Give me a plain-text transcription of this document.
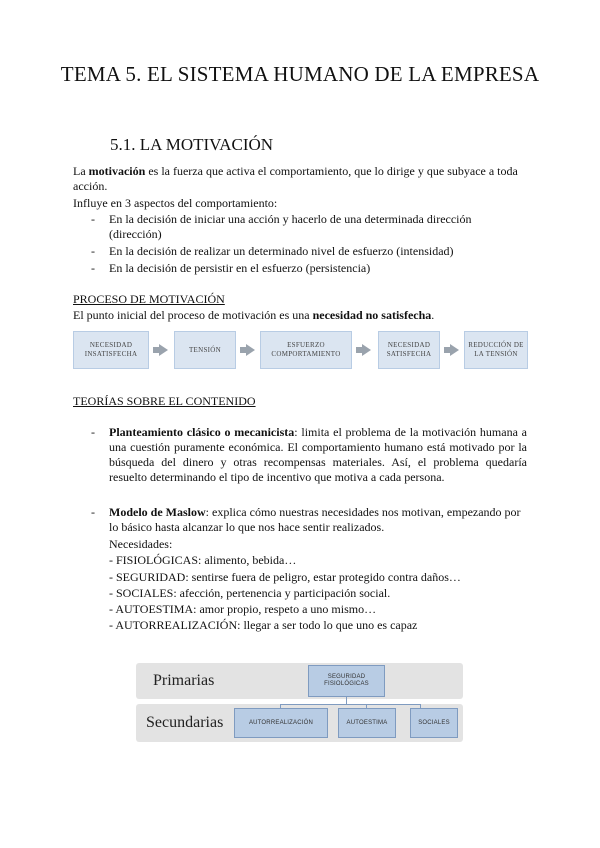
TEMA 5. EL SISTEMA HUMANO DE LA EMPRESA
5.1. LA MOTIVACIÓN
La motivación es la fuerza que activa el comportamiento, que lo dirige y que subyace a toda acción.
Influye en 3 aspectos del comportamiento:
- En la decisión de iniciar una acción y hacerlo de una determinada dirección (dirección)
- En la decisión de realizar un determinado nivel de esfuerzo (intensidad)
- En la decisión de persistir en el esfuerzo (persistencia)
PROCESO DE MOTIVACIÓN
El punto inicial del proceso de motivación es una necesidad no satisfecha.
NECESIDAD INSATISFECHA
TENSIÓN
ESFUERZO COMPORTAMIENTO
NECESIDAD SATISFECHA
REDUCCIÓN DE LA TENSIÓN
TEORÍAS SOBRE EL CONTENIDO
- Planteamiento clásico o mecanicista: limita el problema de la motivación humana a una cuestión puramente económica. El comportamiento humano está motivado por la búsqueda del dinero y otras recompensas materiales. Así, el problema quedaría resuelto determinando el tipo de incentivo que motiva a cada persona.
- Modelo de Maslow: explica cómo nuestras necesidades nos motivan, empezando por lo básico hasta alcanzar lo que nos hace sentir realizados.
Necesidades:
- FISIOLÓGICAS: alimento, bebida…
- SEGURIDAD: sentirse fuera de peligro, estar protegido contra daños…
- SOCIALES: afección, pertenencia y participación social.
- AUTOESTIMA: amor propio, respeto a uno mismo…
- AUTORREALIZACIÓN: llegar a ser todo lo que uno es capaz
Primarias
Secundarias
SEGURIDAD FISIOLÓGICAS
AUTORREALIZACIÓN	AUTOESTIMA	SOCIALES
